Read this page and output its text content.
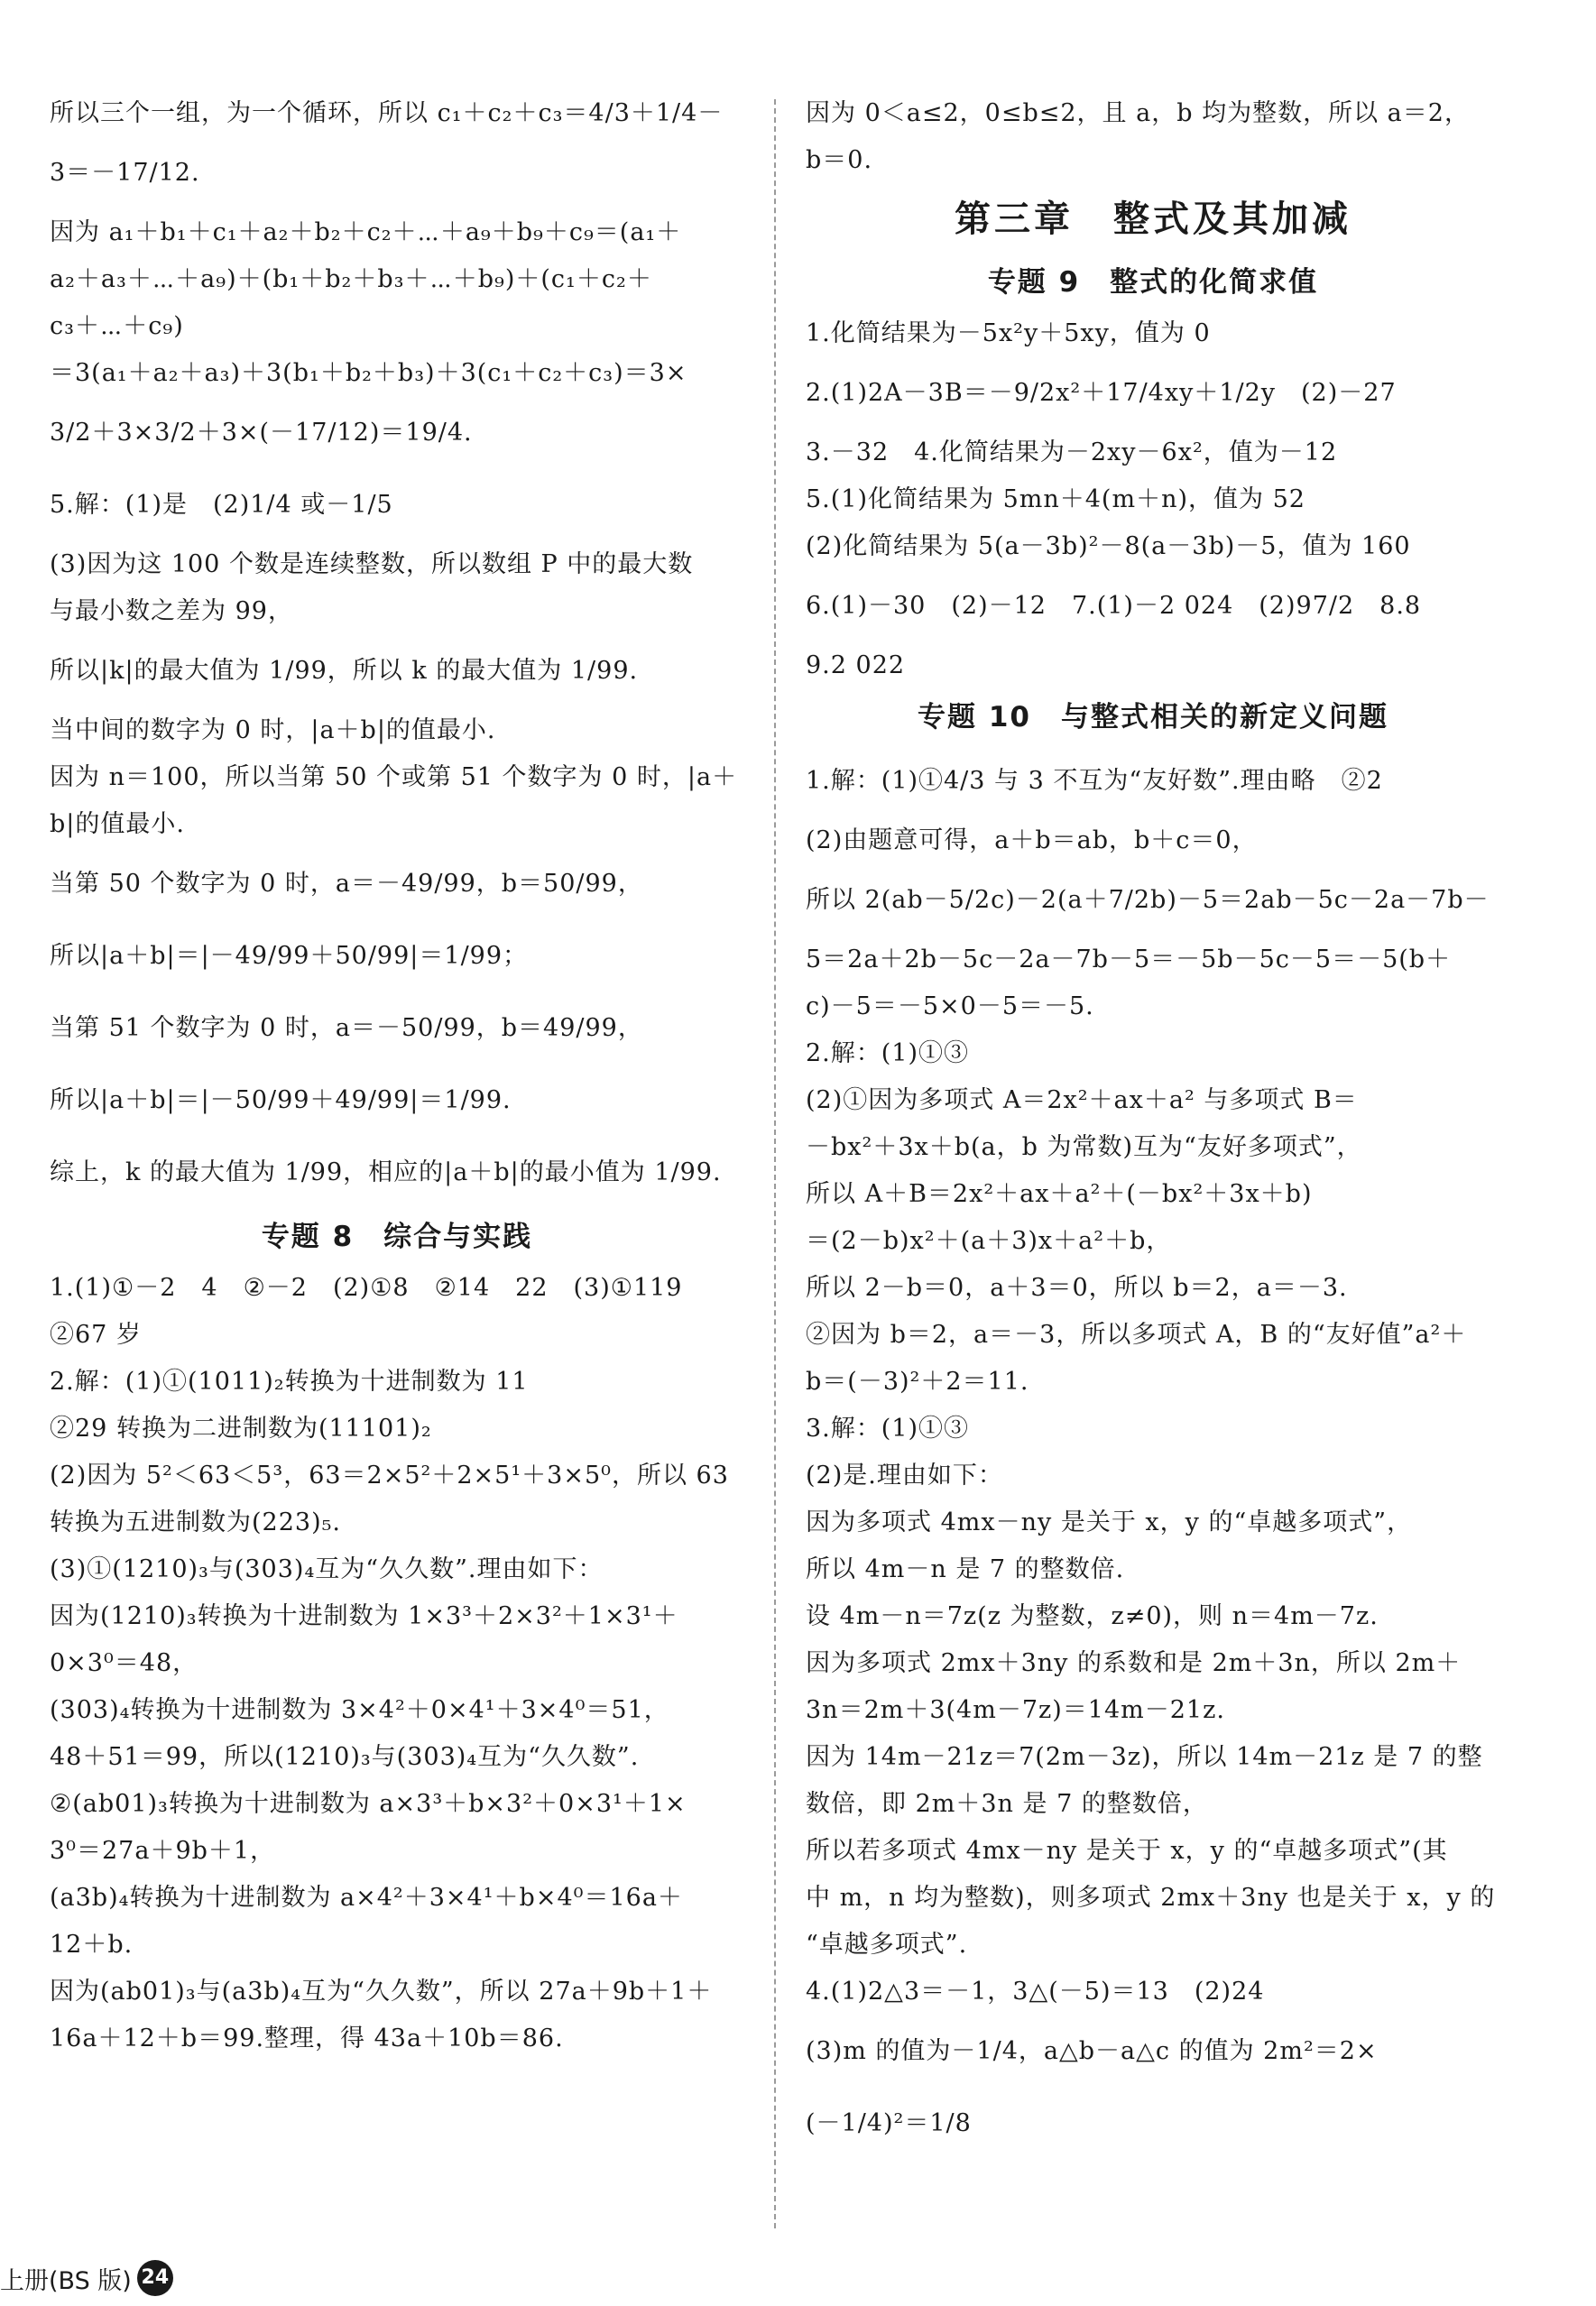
所以三个一组，为一个循环，所以 c₁＋c₂＋c₃＝4/3＋1/4－
3＝－17/12.
因为 a₁＋b₁＋c₁＋a₂＋b₂＋c₂＋⋯＋a₉＋b₉＋c₉＝(a₁＋
a₂＋a₃＋⋯＋a₉)＋(b₁＋b₂＋b₃＋⋯＋b₉)＋(c₁＋c₂＋
c₃＋⋯＋c₉)
＝3(a₁＋a₂＋a₃)＋3(b₁＋b₂＋b₃)＋3(c₁＋c₂＋c₃)＝3×
3/2＋3×3/2＋3×(－17/12)＝19/4.
5.解：(1)是　(2)1/4 或－1/5
(3)因为这 100 个数是连续整数，所以数组 P 中的最大数
与最小数之差为 99，
所以|k|的最大值为 1/99，所以 k 的最大值为 1/99.
当中间的数字为 0 时，|a＋b|的值最小.
因为 n＝100，所以当第 50 个或第 51 个数字为 0 时，|a＋
b|的值最小.
当第 50 个数字为 0 时，a＝－49/99，b＝50/99，
所以|a＋b|＝|－49/99＋50/99|＝1/99；
当第 51 个数字为 0 时，a＝－50/99，b＝49/99，
所以|a＋b|＝|－50/99＋49/99|＝1/99.
综上，k 的最大值为 1/99，相应的|a＋b|的最小值为 1/99.
专题 8　综合与实践
1.(1)①－2　4　②－2　(2)①8　②14　22　(3)①119
②67 岁
2.解：(1)①(1011)₂转换为十进制数为 11
②29 转换为二进制数为(11101)₂
(2)因为 5²＜63＜5³，63＝2×5²＋2×5¹＋3×5⁰，所以 63
转换为五进制数为(223)₅.
(3)①(1210)₃与(303)₄互为“久久数”.理由如下：
因为(1210)₃转换为十进制数为 1×3³＋2×3²＋1×3¹＋
0×3⁰＝48，
(303)₄转换为十进制数为 3×4²＋0×4¹＋3×4⁰＝51，
48＋51＝99，所以(1210)₃与(303)₄互为“久久数”.
②(ab01)₃转换为十进制数为 a×3³＋b×3²＋0×3¹＋1×
3⁰＝27a＋9b＋1，
(a3b)₄转换为十进制数为 a×4²＋3×4¹＋b×4⁰＝16a＋
12＋b.
因为(ab01)₃与(a3b)₄互为“久久数”，所以 27a＋9b＋1＋
16a＋12＋b＝99.整理，得 43a＋10b＝86.
因为 0＜a≤2，0≤b≤2，且 a，b 均为整数，所以 a＝2，
b＝0.
第三章　整式及其加减
专题 9　整式的化简求值
1.化简结果为－5x²y＋5xy，值为 0
2.(1)2A－3B＝－9/2x²＋17/4xy＋1/2y　(2)－27
3.－32　4.化简结果为－2xy－6x²，值为－12
5.(1)化简结果为 5mn＋4(m＋n)，值为 52
(2)化简结果为 5(a－3b)²－8(a－3b)－5，值为 160
6.(1)－30　(2)－12　7.(1)－2 024　(2)97/2　8.8
9.2 022
专题 10　与整式相关的新定义问题
1.解：(1)①4/3 与 3 不互为“友好数”.理由略　②2
(2)由题意可得，a＋b＝ab，b＋c＝0，
所以 2(ab－5/2c)－2(a＋7/2b)－5＝2ab－5c－2a－7b－
5＝2a＋2b－5c－2a－7b－5＝－5b－5c－5＝－5(b＋
c)－5＝－5×0－5＝－5.
2.解：(1)①③
(2)①因为多项式 A＝2x²＋ax＋a² 与多项式 B＝
－bx²＋3x＋b(a，b 为常数)互为“友好多项式”，
所以 A＋B＝2x²＋ax＋a²＋(－bx²＋3x＋b)
＝(2－b)x²＋(a＋3)x＋a²＋b，
所以 2－b＝0，a＋3＝0，所以 b＝2，a＝－3.
②因为 b＝2，a＝－3，所以多项式 A，B 的“友好值”a²＋
b＝(－3)²＋2＝11.
3.解：(1)①③
(2)是.理由如下：
因为多项式 4mx－ny 是关于 x，y 的“卓越多项式”，
所以 4m－n 是 7 的整数倍.
设 4m－n＝7z(z 为整数，z≠0)，则 n＝4m－7z.
因为多项式 2mx＋3ny 的系数和是 2m＋3n，所以 2m＋
3n＝2m＋3(4m－7z)＝14m－21z.
因为 14m－21z＝7(2m－3z)，所以 14m－21z 是 7 的整
数倍，即 2m＋3n 是 7 的整数倍，
所以若多项式 4mx－ny 是关于 x，y 的“卓越多项式”(其
中 m，n 均为整数)，则多项式 2mx＋3ny 也是关于 x，y 的
“卓越多项式”.
4.(1)2△3＝－1，3△(－5)＝13　(2)24
(3)m 的值为－1/4，a△b－a△c 的值为 2m²＝2×
(－1/4)²＝1/8
上册(BS 版) 24
